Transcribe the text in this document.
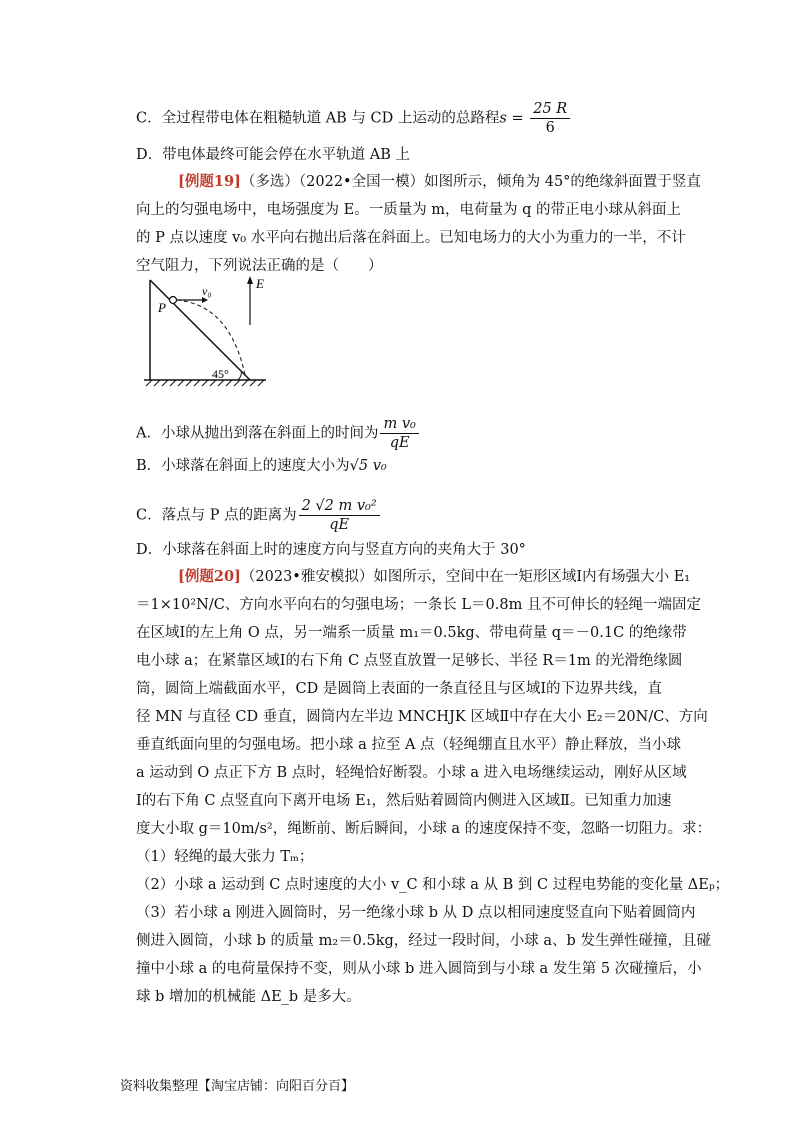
C．全过程带电体在粗糙轨道 AB 与 CD 上运动的总路程$s = \frac{25 R}{6}$
D．带电体最终可能会停在水平轨道 AB 上
[例题19]（多选）（2022•全国一模）如图所示，倾角为 45°的绝缘斜面置于竖直
向上的匀强电场中，电场强度为 E。一质量为 m，电荷量为 q 的带正电小球从斜面上
的 P 点以速度 v₀ 水平向右抛出后落在斜面上。已知电场力的大小为重力的一半，不计
空气阻力，下列说法正确的是（　　）
E
P
v₀
45°
A．小球从抛出到落在斜面上的时间为 $\frac{\text{m v₀}}{qE}$
B．小球落在斜面上的速度大小为√5 v₀
C．落点与 P 点的距离为 $\frac{\text{2 √2 m v₀²}}{qE}$
D．小球落在斜面上时的速度方向与竖直方向的夹角大于 30°
[例题20]（2023•雅安模拟）如图所示，空间中在一矩形区域Ⅰ内有场强大小 E₁
＝1×10²N/C、方向水平向右的匀强电场；一条长 L＝0.8m 且不可伸长的轻绳一端固定
在区域Ⅰ的左上角 O 点，另一端系一质量 m₁＝0.5kg、带电荷量 q＝－0.1C 的绝缘带
电小球 a；在紧靠区域Ⅰ的右下角 C 点竖直放置一足够长、半径 R＝1m 的光滑绝缘圆
筒，圆筒上端截面水平，CD 是圆筒上表面的一条直径且与区域Ⅰ的下边界共线，直
径 MN 与直径 CD 垂直，圆筒内左半边 MNCHJK 区域Ⅱ中存在大小 E₂＝20N/C、方向
垂直纸面向里的匀强电场。把小球 a 拉至 A 点（轻绳绷直且水平）静止释放，当小球
a 运动到 O 点正下方 B 点时，轻绳恰好断裂。小球 a 进入电场继续运动，刚好从区域
Ⅰ的右下角 C 点竖直向下离开电场 E₁，然后贴着圆筒内侧进入区域Ⅱ。已知重力加速
度大小取 g＝10m/s²，绳断前、断后瞬间，小球 a 的速度保持不变，忽略一切阻力。求：
（1）轻绳的最大张力 Tₘ；
（2）小球 a 运动到 C 点时速度的大小 v_C 和小球 a 从 B 到 C 过程电势能的变化量 ΔEₚ；
（3）若小球 a 刚进入圆筒时，另一绝缘小球 b 从 D 点以相同速度竖直向下贴着圆筒内
侧进入圆筒，小球 b 的质量 m₂＝0.5kg，经过一段时间，小球 a、b 发生弹性碰撞，且碰
撞中小球 a 的电荷量保持不变，则从小球 b 进入圆筒到与小球 a 发生第 5 次碰撞后，小
球 b 增加的机械能 ΔE_b 是多大。
资料收集整理【淘宝店铺：向阳百分百】
